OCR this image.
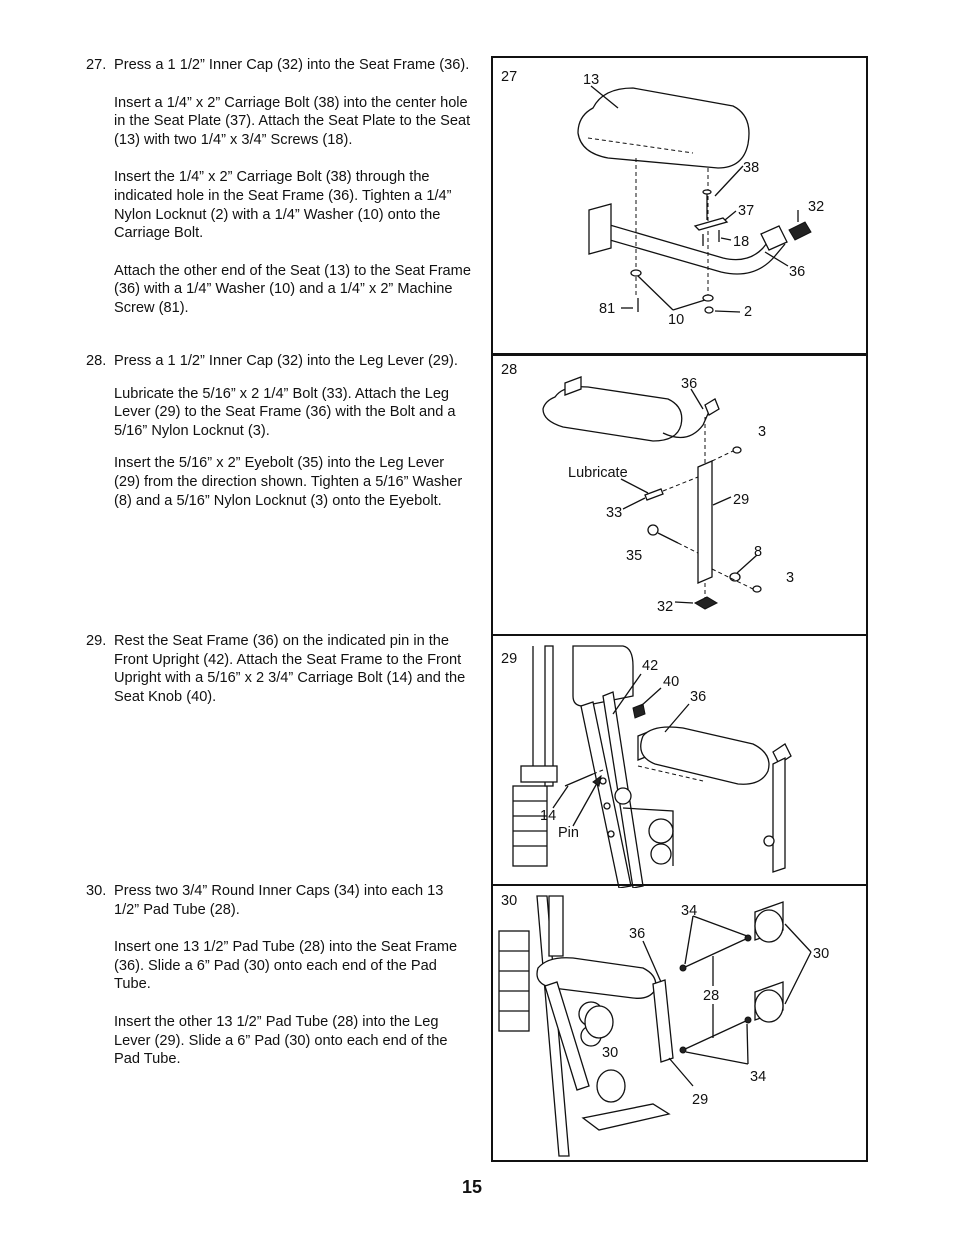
27. Press a 1 1/2” Inner Cap (32) into the Seat Frame (36).

Insert a 1/4” x 2” Carriage Bolt (38) into the center hole in the Seat Plate (37). Attach the Seat Plate to the Seat (13) with two 1/4” x 3/4” Screws (18).

Insert the 1/4” x 2” Carriage Bolt (38) through the indicated hole in the Seat Frame (36). Tighten a 1/4” Nylon Locknut (2) with a 1/4” Washer (10) onto the Carriage Bolt.

Attach the other end of the Seat (13) to the Seat Frame (36) with a 1/4” Washer (10) and a 1/4” x 2” Machine Screw (81).

28. Press a 1 1/2” Inner Cap (32) into the Leg Lever (29).

Lubricate the 5/16” x 2 1/4” Bolt (33). Attach the Leg Lever (29) to the Seat Frame (36) with the Bolt and a 5/16” Nylon Locknut (3).

Insert the 5/16” x 2” Eyebolt (35) into the Leg Lever (29) from the direction shown. Tighten a 5/16” Washer (8) and a 5/16” Nylon Locknut (3) onto the Eyebolt.

29. Rest the Seat Frame (36) on the indicated pin in the Front Upright (42). Attach the Seat Frame to the Front Upright with a 5/16” x 2 3/4” Carriage Bolt (14) and the Seat Knob (40).

30. Press two 3/4” Round Inner Caps (34) into each 13 1/2” Pad Tube (28).

Insert one 13 1/2” Pad Tube (28) into the Seat Frame (36). Slide a 6” Pad (30) onto each end of the Pad Tube.

Insert the other 13 1/2” Pad Tube (28) into the Leg Lever (29). Slide a 6” Pad (30) onto each end of the Pad Tube.

27	13
38
37	32
18
36
81
10	2
28
36
3
Lubricate
29
33
35	8
3
32
29	42
40
36
14
Pin
30
34
36
30
28
30
34
29
15
